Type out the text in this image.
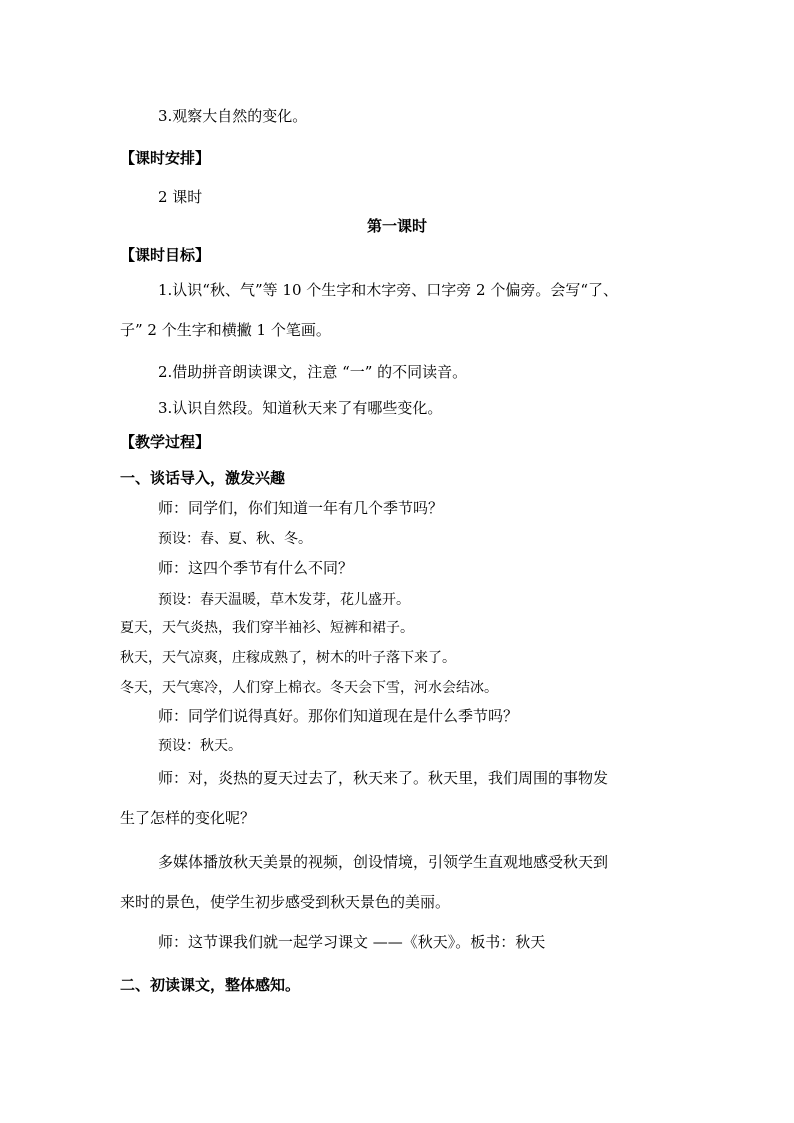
3.观察大自然的变化。
【课时安排】
2 课时
第一课时
【课时目标】
1.认识“秋、气”等 10 个生字和木字旁、口字旁 2 个偏旁。会写“了、
子” 2 个生字和横撇 1 个笔画。
2.借助拼音朗读课文，注意 “一” 的不同读音。
3.认识自然段。知道秋天来了有哪些变化。
【教学过程】
一、谈话导入，激发兴趣
师：同学们，你们知道一年有几个季节吗？
预设：春、夏、秋、冬。
师：这四个季节有什么不同？
预设：春天温暖，草木发芽，花儿盛开。
夏天，天气炎热，我们穿半袖衫、短裤和裙子。
秋天，天气凉爽，庄稼成熟了，树木的叶子落下来了。
冬天，天气寒冷，人们穿上棉衣。冬天会下雪，河水会结冰。
师：同学们说得真好。那你们知道现在是什么季节吗？
预设：秋天。
师：对，炎热的夏天过去了，秋天来了。秋天里，我们周围的事物发
生了怎样的变化呢？
多媒体播放秋天美景的视频，创设情境，引领学生直观地感受秋天到
来时的景色，使学生初步感受到秋天景色的美丽。
师：这节课我们就一起学习课文 ——《秋天》。板书：秋天
二、初读课文，整体感知。
